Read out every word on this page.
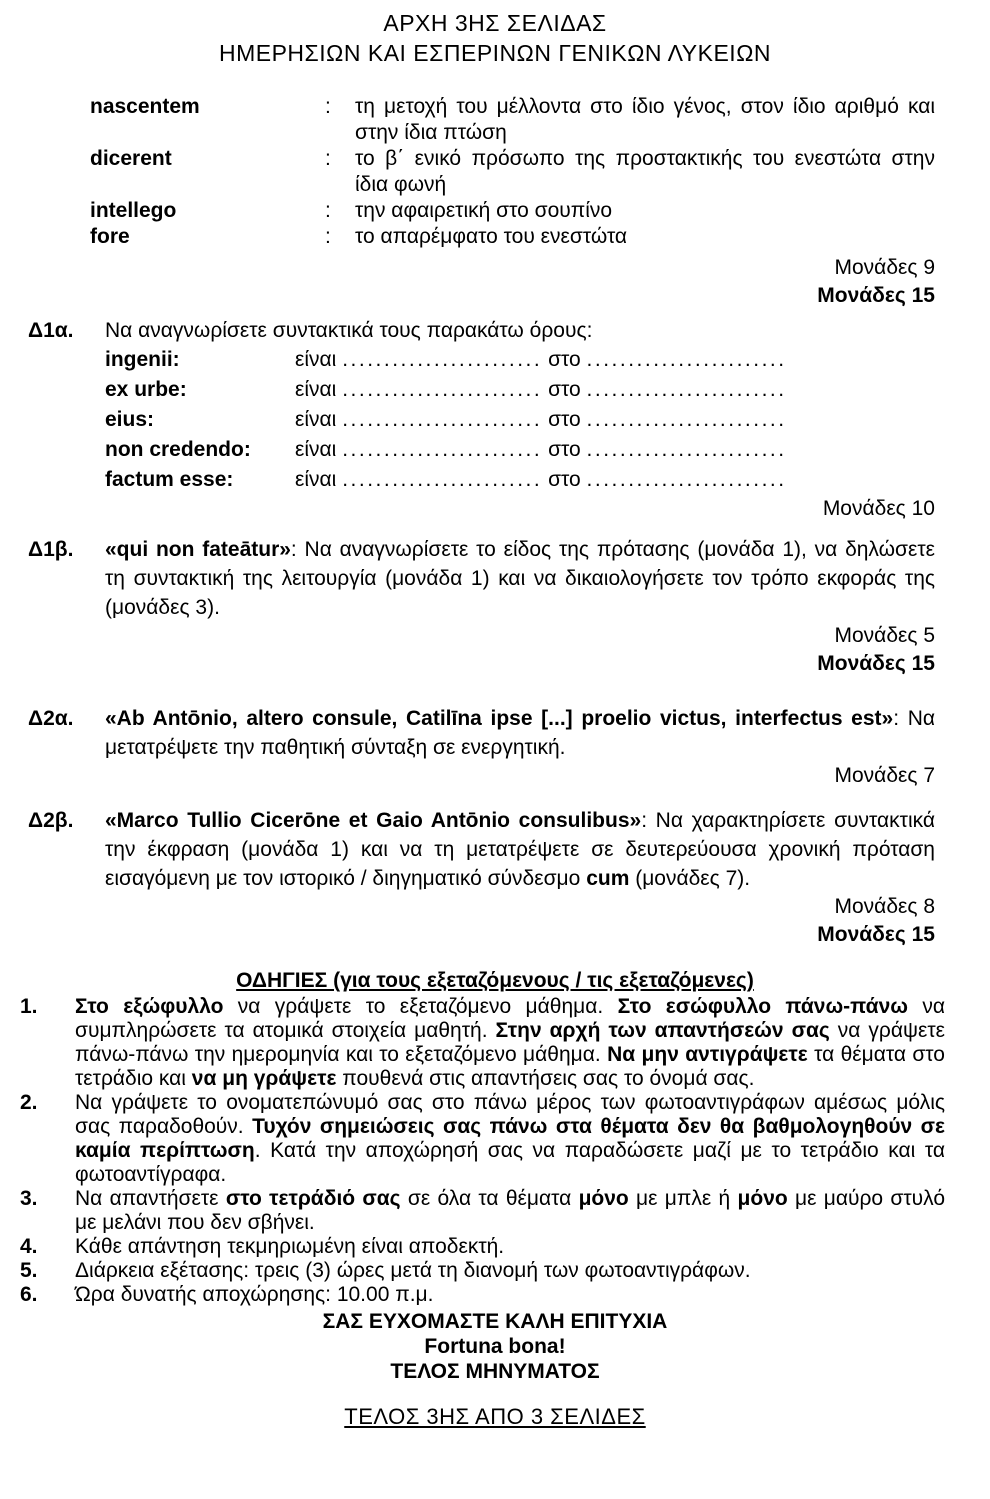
ΑΡΧΗ 3ΗΣ ΣΕΛΙΔΑΣ
ΗΜΕΡΗΣΙΩΝ ΚΑΙ ΕΣΠΕΡΙΝΩΝ ΓΕΝΙΚΩΝ ΛΥΚΕΙΩΝ
nascentem	:	τη μετοχή του μέλλοντα στο ίδιο γένος, στον ίδιο αριθμό και στην ίδια πτώση
dicerent	:	το β΄ ενικό πρόσωπο της προστακτικής του ενεστώτα στην ίδια φωνή
intellego	:	την αφαιρετική στο σουπίνο
fore	:	το απαρέμφατο του ενεστώτα
Μονάδες 9
Μονάδες 15
Δ1α.	Να αναγνωρίσετε συντακτικά τους παρακάτω όρους:
ingenii:	είναι ........................ στο ........................
ex urbe:	είναι ........................ στο ........................
eius:	είναι ........................ στο ........................
non credendo:	είναι ........................ στο ........................
factum esse:	είναι ........................ στο ........................
Μονάδες 10
Δ1β.	«qui non fateātur»: Να αναγνωρίσετε το είδος της πρότασης (μονάδα 1), να δηλώσετε τη συντακτική της λειτουργία (μονάδα 1) και να δικαιολογήσετε τον τρόπο εκφοράς της (μονάδες 3).
Μονάδες 5
Μονάδες 15
Δ2α.	«Ab Antōnio, altero consule, Catilīna ipse [...] proelio victus, interfectus est»: Να μετατρέψετε την παθητική σύνταξη σε ενεργητική.
Μονάδες 7
Δ2β.	«Marco Tullio Cicerōne et Gaio Antōnio consulibus»: Να χαρακτηρίσετε συντακτικά την έκφραση (μονάδα 1) και να τη μετατρέψετε σε δευτερεύουσα χρονική πρόταση εισαγόμενη με τον ιστορικό / διηγηματικό σύνδεσμο cum (μονάδες 7).
Μονάδες 8
Μονάδες 15
ΟΔΗΓΙΕΣ (για τους εξεταζόμενους / τις εξεταζόμενες)
1.	Στο εξώφυλλο να γράψετε το εξεταζόμενο μάθημα. Στο εσώφυλλο πάνω-πάνω να συμπληρώσετε τα ατομικά στοιχεία μαθητή. Στην αρχή των απαντήσεών σας να γράψετε πάνω-πάνω την ημερομηνία και το εξεταζόμενο μάθημα. Να μην αντιγράψετε τα θέματα στο τετράδιο και να μη γράψετε πουθενά στις απαντήσεις σας το όνομά σας.
2.	Να γράψετε το ονοματεπώνυμό σας στο πάνω μέρος των φωτοαντιγράφων αμέσως μόλις σας παραδοθούν. Τυχόν σημειώσεις σας πάνω στα θέματα δεν θα βαθμολογηθούν σε καμία περίπτωση. Κατά την αποχώρησή σας να παραδώσετε μαζί με το τετράδιο και τα φωτοαντίγραφα.
3.	Να απαντήσετε στο τετράδιό σας σε όλα τα θέματα μόνο με μπλε ή μόνο με μαύρο στυλό με μελάνι που δεν σβήνει.
4.	Κάθε απάντηση τεκμηριωμένη είναι αποδεκτή.
5.	Διάρκεια εξέτασης: τρεις (3) ώρες μετά τη διανομή των φωτοαντιγράφων.
6.	Ώρα δυνατής αποχώρησης: 10.00 π.μ.
ΣΑΣ ΕΥΧΟΜΑΣΤΕ ΚΑΛΗ ΕΠΙΤΥΧΙΑ
Fortuna bona!
ΤΕΛΟΣ ΜΗΝΥΜΑΤΟΣ
ΤΕΛΟΣ 3ΗΣ ΑΠΟ 3 ΣΕΛΙΔΕΣ
